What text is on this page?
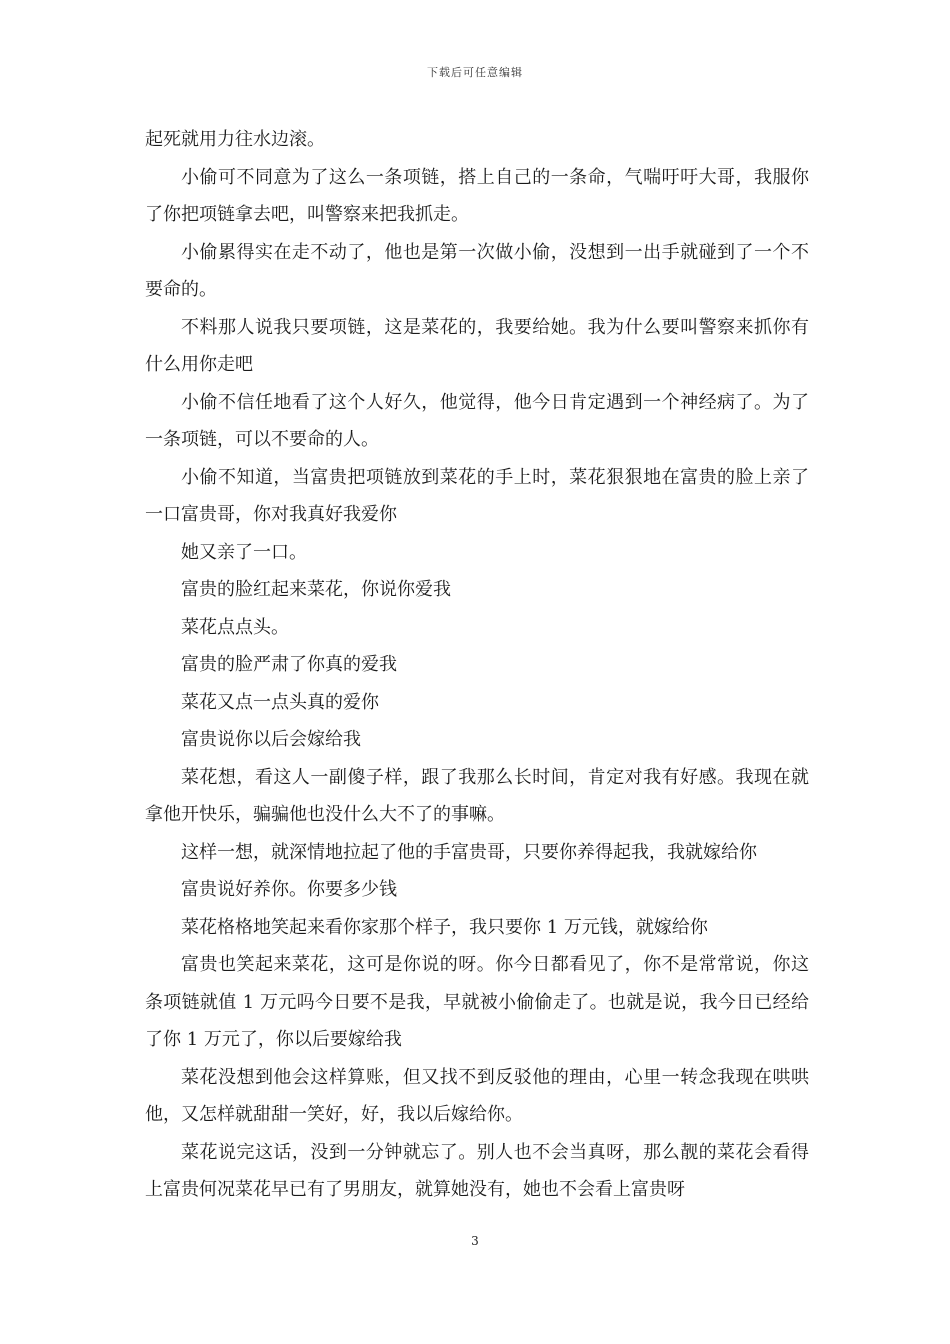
下载后可任意编辑

起死就用力往水边滚。

小偷可不同意为了这么一条项链，搭上自己的一条命，气喘吁吁大哥，我服你了你把项链拿去吧，叫警察来把我抓走。

小偷累得实在走不动了，他也是第一次做小偷，没想到一出手就碰到了一个不要命的。

不料那人说我只要项链，这是菜花的，我要给她。我为什么要叫警察来抓你有什么用你走吧

小偷不信任地看了这个人好久，他觉得，他今日肯定遇到一个神经病了。为了一条项链，可以不要命的人。

小偷不知道，当富贵把项链放到菜花的手上时，菜花狠狠地在富贵的脸上亲了一口富贵哥，你对我真好我爱你

她又亲了一口。

富贵的脸红起来菜花，你说你爱我

菜花点点头。

富贵的脸严肃了你真的爱我

菜花又点一点头真的爱你

富贵说你以后会嫁给我

菜花想，看这人一副傻子样，跟了我那么长时间，肯定对我有好感。我现在就拿他开快乐，骗骗他也没什么大不了的事嘛。

这样一想，就深情地拉起了他的手富贵哥，只要你养得起我，我就嫁给你

富贵说好养你。你要多少钱

菜花格格地笑起来看你家那个样子，我只要你 1 万元钱，就嫁给你

富贵也笑起来菜花，这可是你说的呀。你今日都看见了，你不是常常说，你这条项链就值 1 万元吗今日要不是我，早就被小偷偷走了。也就是说，我今日已经给了你 1 万元了，你以后要嫁给我

菜花没想到他会这样算账，但又找不到反驳他的理由，心里一转念我现在哄哄他，又怎样就甜甜一笑好，好，我以后嫁给你。

菜花说完这话，没到一分钟就忘了。别人也不会当真呀，那么靓的菜花会看得上富贵何况菜花早已有了男朋友，就算她没有，她也不会看上富贵呀

3
